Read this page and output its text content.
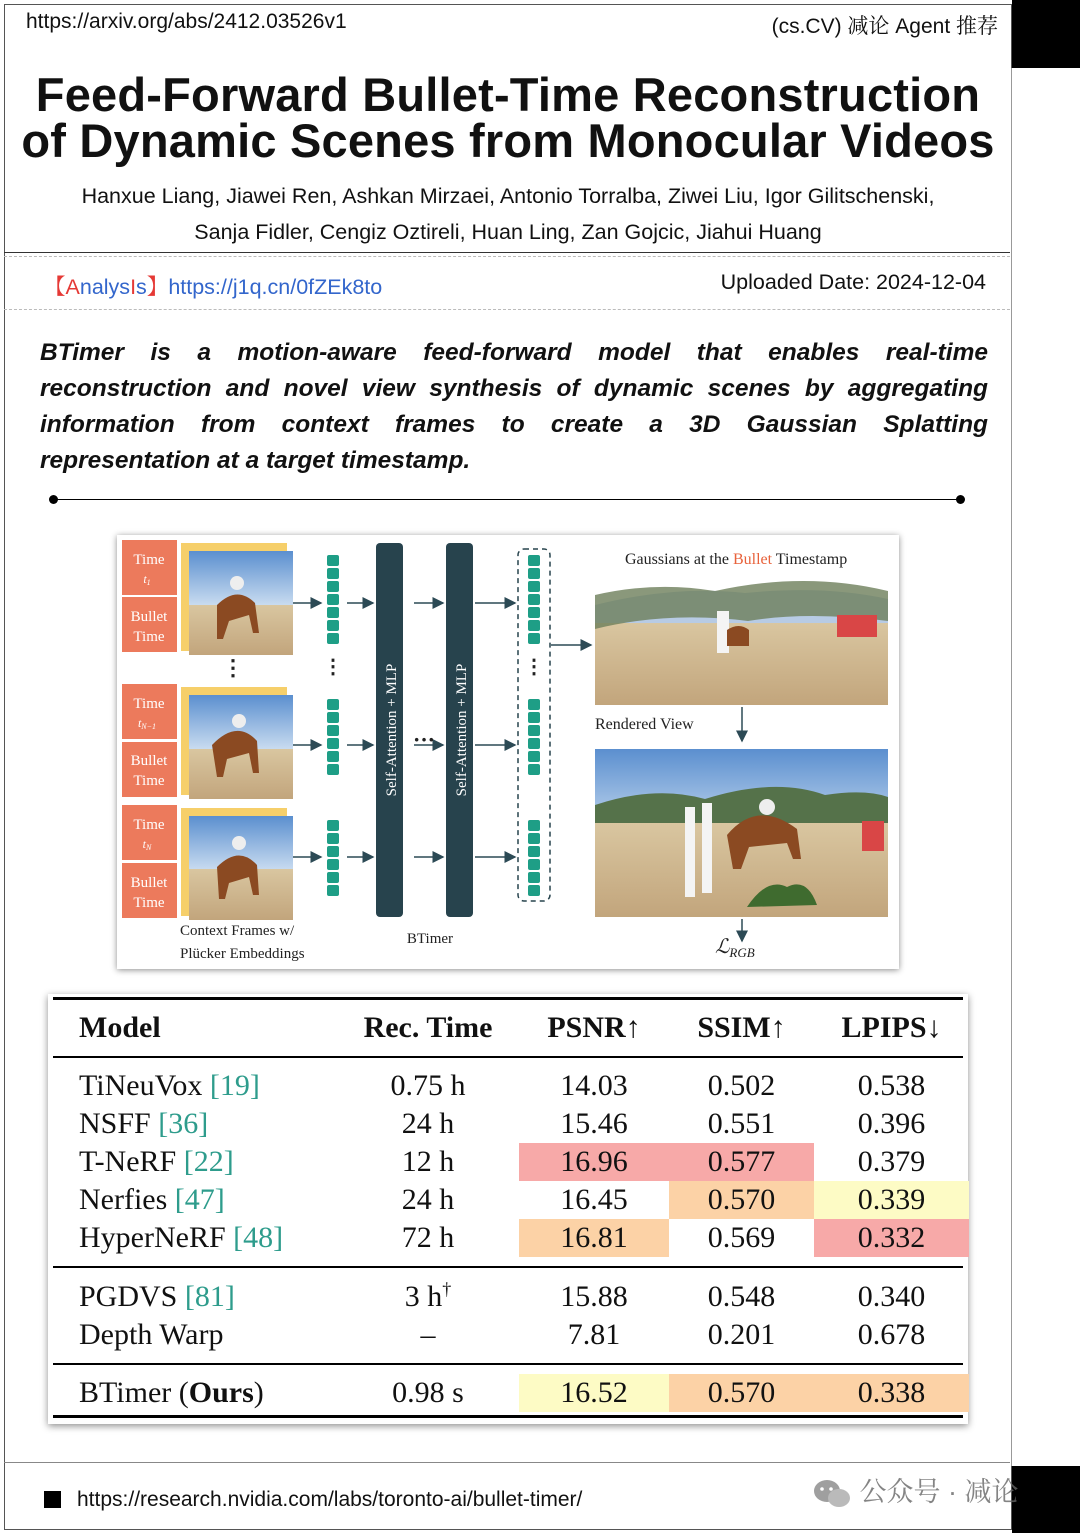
https://arxiv.org/abs/2412.03526v1	(cs.CV) 减论 Agent 推荐
Feed-Forward Bullet-Time Reconstruction
of Dynamic Scenes from Monocular Videos
Hanxue Liang, Jiawei Ren, Ashkan Mirzaei, Antonio Torralba, Ziwei Liu, Igor Gilitschenski,
Sanja Fidler, Cengiz Oztireli, Huan Ling, Zan Gojcic, Jiahui Huang
【AnalysIs】https://j1q.cn/0fZEk8to	Uploaded Date: 2024-12-04
BTimer is a motion-aware feed-forward model that enables real-time reconstruction and novel view synthesis of dynamic scenes by aggregating information from context frames to create a 3D Gaussian Splatting representation at a target timestamp.
Time
t1
Bullet
Time
⋮
Time
tN−1
Bullet
Time
Time
tN
Bullet
Time
Context Frames w/
Plücker Embeddings
⋮	Self-Attention + MLP ··· Self-Attention + MLP
BTimer
⋮
Gaussians at the Bullet Timestamp
Rendered View
ℒ$_{RGB}$
Model	Rec. Time	PSNR↑	SSIM↑	LPIPS↓
TiNeuVox [19]	0.75 h	14.03	0.502	0.538
NSFF [36]	24 h	15.46	0.551	0.396
T-NeRF [22]	12 h	16.96	0.577	0.379
Nerfies [47]	24 h	16.45	0.570	0.339
HyperNeRF [48]	72 h	16.81	0.569	0.332
PGDVS [81]	3 h†	15.88	0.548	0.340
Depth Warp	–	7.81	0.201	0.678
BTimer (Ours)	0.98 s	16.52	0.570	0.338
https://research.nvidia.com/labs/toronto-ai/bullet-timer/	公众号 · 减论
